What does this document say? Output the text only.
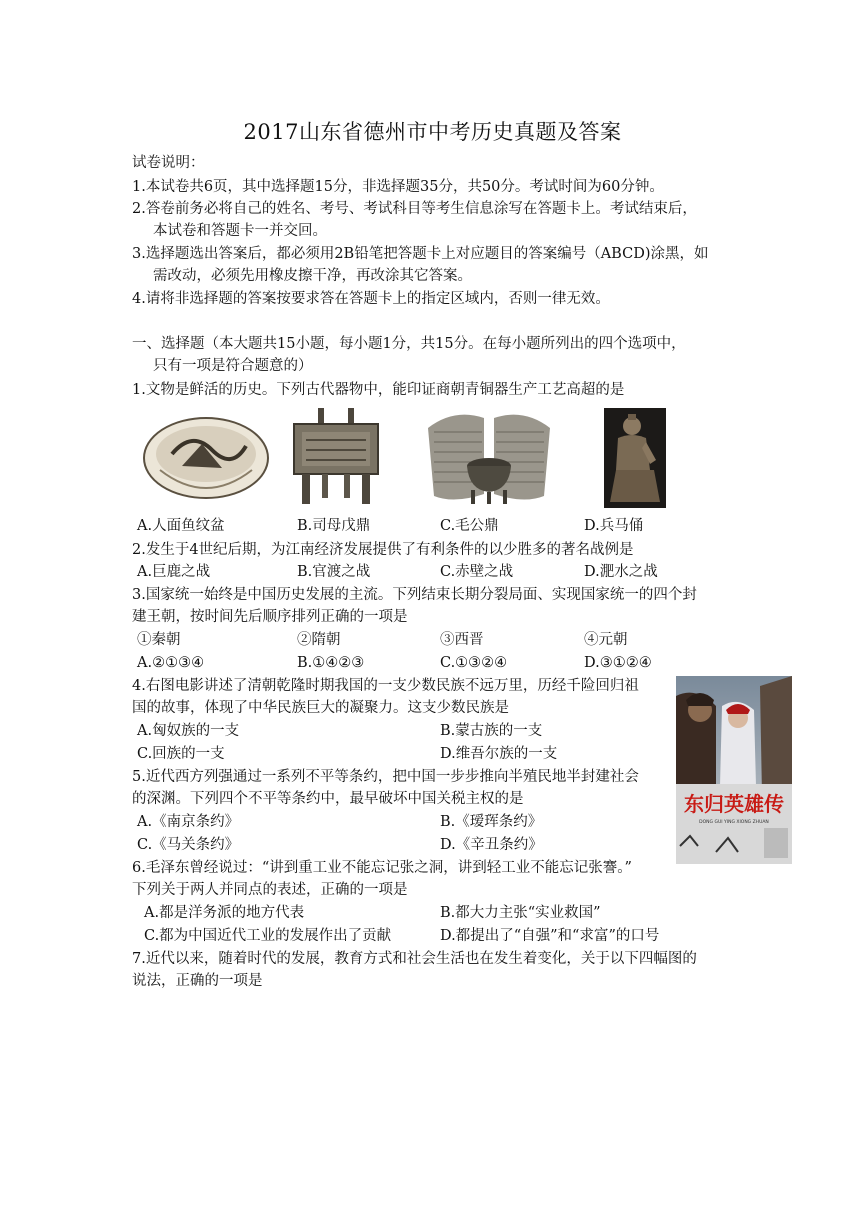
2017山东省德州市中考历史真题及答案
试卷说明：
1.本试卷共6页，其中选择题15分，非选择题35分，共50分。考试时间为60分钟。
2.答卷前务必将自己的姓名、考号、考试科目等考生信息涂写在答题卡上。考试结束后，
本试卷和答题卡一并交回。
3.选择题选出答案后，都必须用2B铅笔把答题卡上对应题目的答案编号（ABCD)涂黑，如
需改动，必须先用橡皮擦干净，再改涂其它答案。
4.请将非选择题的答案按要求答在答题卡上的指定区域内，否则一律无效。
一、选择题（本大题共15小题，每小题1分，共15分。在每小题所列出的四个选项中，
只有一项是符合题意的）
1.文物是鲜活的历史。下列古代器物中，能印证商朝青铜器生产工艺高超的是
A.人面鱼纹盆	B.司母戊鼎	C.毛公鼎	D.兵马俑
2.发生于4世纪后期，为江南经济发展提供了有利条件的以少胜多的著名战例是
A.巨鹿之战	B.官渡之战	C.赤壁之战	D.淝水之战
3.国家统一始终是中国历史发展的主流。下列结束长期分裂局面、实现国家统一的四个封
建王朝，按时间先后顺序排列正确的一项是
①秦朝	②隋朝	③西晋	④元朝
A.②①③④	B.①④②③	C.①③②④	D.③①②④
4.右图电影讲述了清朝乾隆时期我国的一支少数民族不远万里，历经千险回归祖
国的故事，体现了中华民族巨大的凝聚力。这支少数民族是
A.匈奴族的一支	B.蒙古族的一支
C.回族的一支	D.维吾尔族的一支
东归英雄传
DONG GUI YING XIONG ZHUAN
5.近代西方列强通过一系列不平等条约，把中国一步步推向半殖民地半封建社会
的深渊。下列四个不平等条约中，最早破坏中国关税主权的是
A.《南京条约》	B.《瑷珲条约》
C.《马关条约》	D.《辛丑条约》
6.毛泽东曾经说过：“讲到重工业不能忘记张之洞，讲到轻工业不能忘记张謇。”
下列关于两人并同点的表述，正确的一项是
A.都是洋务派的地方代表	B.都大力主张“实业救国”
C.都为中国近代工业的发展作出了贡献	D.都提出了“自强”和“求富”的口号
7.近代以来，随着时代的发展，教育方式和社会生活也在发生着变化，关于以下四幅图的
说法，正确的一项是
